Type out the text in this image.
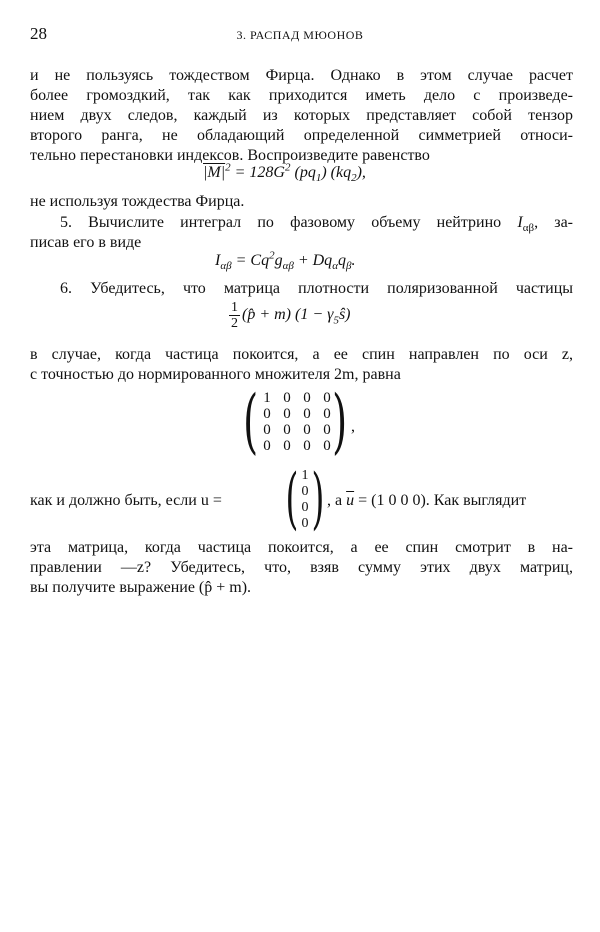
28	3. РАСПАД МЮОНОВ
и не пользуясь тождеством Фирца. Однако в этом случае расчет
более громоздкий, так как приходится иметь дело с произведе-
нием двух следов, каждый из которых представляет собой тензор
второго ранга, не обладающий определенной симметрией относи-
тельно перестановки индексов. Воспроизведите равенство
$|M|^2 = 128G^2$ $(pq_1)$ $(kq_2)$,
не используя тождества Фирца.
5. Вычислите интеграл по фазовому объему нейтрино $I_{\alpha\beta}$, за-
писав его в виде
$I_{\alpha\beta} = Cq^2g_{\alpha\beta} + Dq_\alpha q_\beta$.
6. Убедитесь, что матрица плотности поляризованной частицы
$\frac{1}{2}$ (p̂ + m) $(1 - \gamma_5ŝ)$
в случае, когда частица покоится, а ее спин направлен по оси z,
с точностью до нормированного множителя 2m, равна
( 1	0	0	0
0	0	0	0
0	0	0	0
0	0	0	0 ) ,
как и должно быть, если u = ( 1
0
0
0 ) , а $\overline{u} = (1$ 0 0 0). Как выглядит
эта матрица, когда частица покоится, а ее спин смотрит в на-
правлении —z? Убедитесь, что, взяв сумму этих двух матриц,
вы получите выражение (p̂ + m).
